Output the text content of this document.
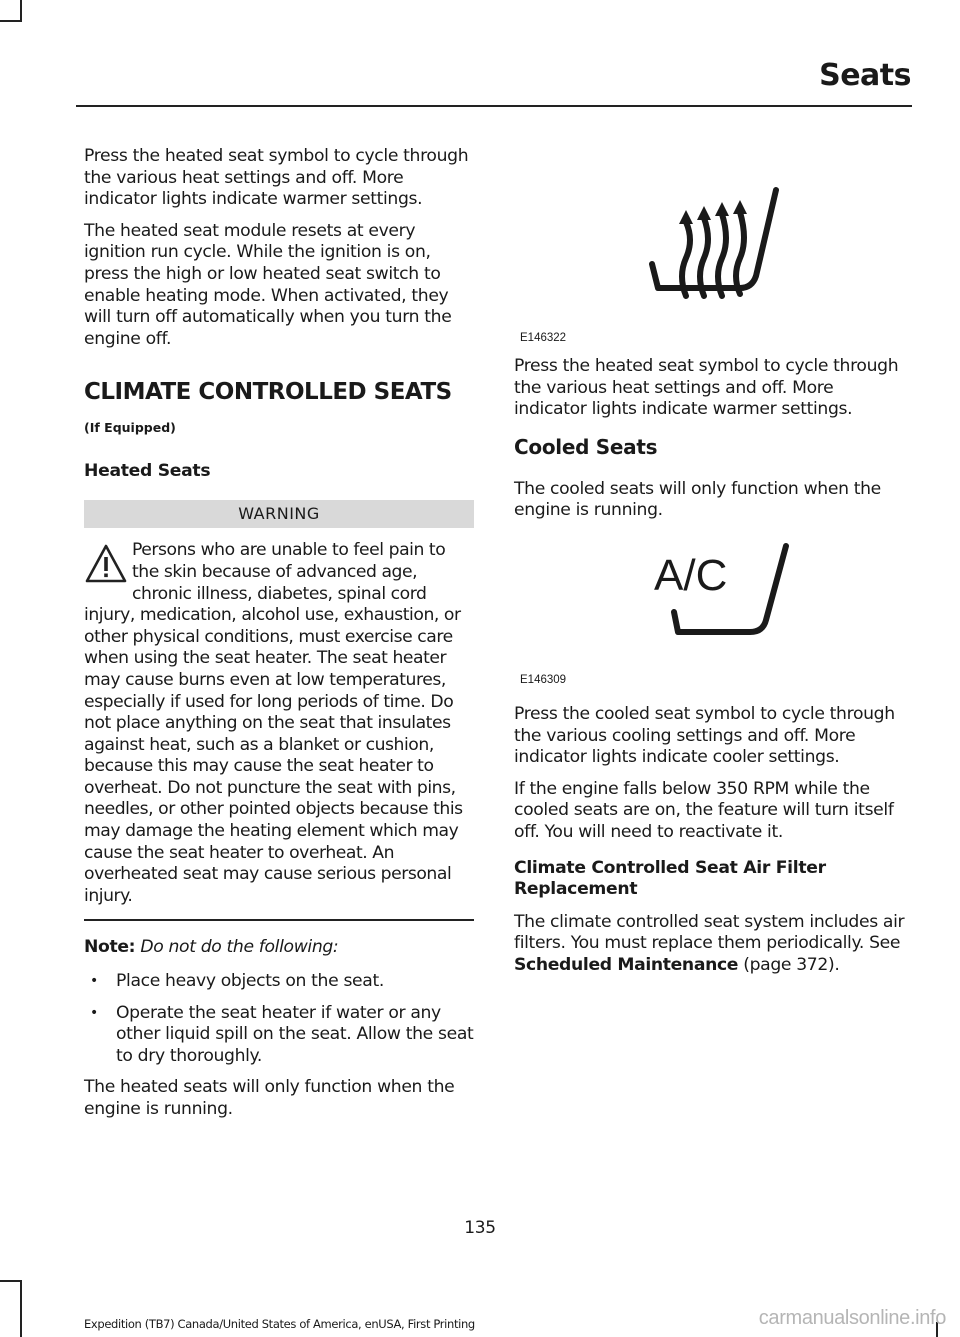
Seats

Press the heated seat symbol to cycle through the various heat settings and off. More indicator lights indicate warmer settings.

The heated seat module resets at every ignition run cycle. While the ignition is on, press the high or low heated seat switch to enable heating mode. When activated, they will turn off automatically when you turn the engine off.

CLIMATE CONTROLLED SEATS
(If Equipped)
Heated Seats
WARNING
Persons who are unable to feel pain to the skin because of advanced age, chronic illness, diabetes, spinal cord injury, medication, alcohol use, exhaustion, or other physical conditions, must exercise care when using the seat heater. The seat heater may cause burns even at low temperatures, especially if used for long periods of time. Do not place anything on the seat that insulates against heat, such as a blanket or cushion, because this may cause the seat heater to overheat. Do not puncture the seat with pins, needles, or other pointed objects because this may damage the heating element which may cause the seat heater to overheat. An overheated seat may cause serious personal injury.

Note: Do not do the following:

• Place heavy objects on the seat.
• Operate the seat heater if water or any other liquid spill on the seat. Allow the seat to dry thoroughly.

The heated seats will only function when the engine is running.

E146322

Press the heated seat symbol to cycle through the various heat settings and off. More indicator lights indicate warmer settings.

Cooled Seats

The cooled seats will only function when the engine is running.

A/C
E146309

Press the cooled seat symbol to cycle through the various cooling settings and off. More indicator lights indicate cooler settings.

If the engine falls below 350 RPM while the cooled seats are on, the feature will turn itself off. You will need to reactivate it.

Climate Controlled Seat Air Filter Replacement

The climate controlled seat system includes air filters. You must replace them periodically. See Scheduled Maintenance (page 372).

135

Expedition (TB7) Canada/United States of America, enUSA, First Printing	carmanualsonline.info
